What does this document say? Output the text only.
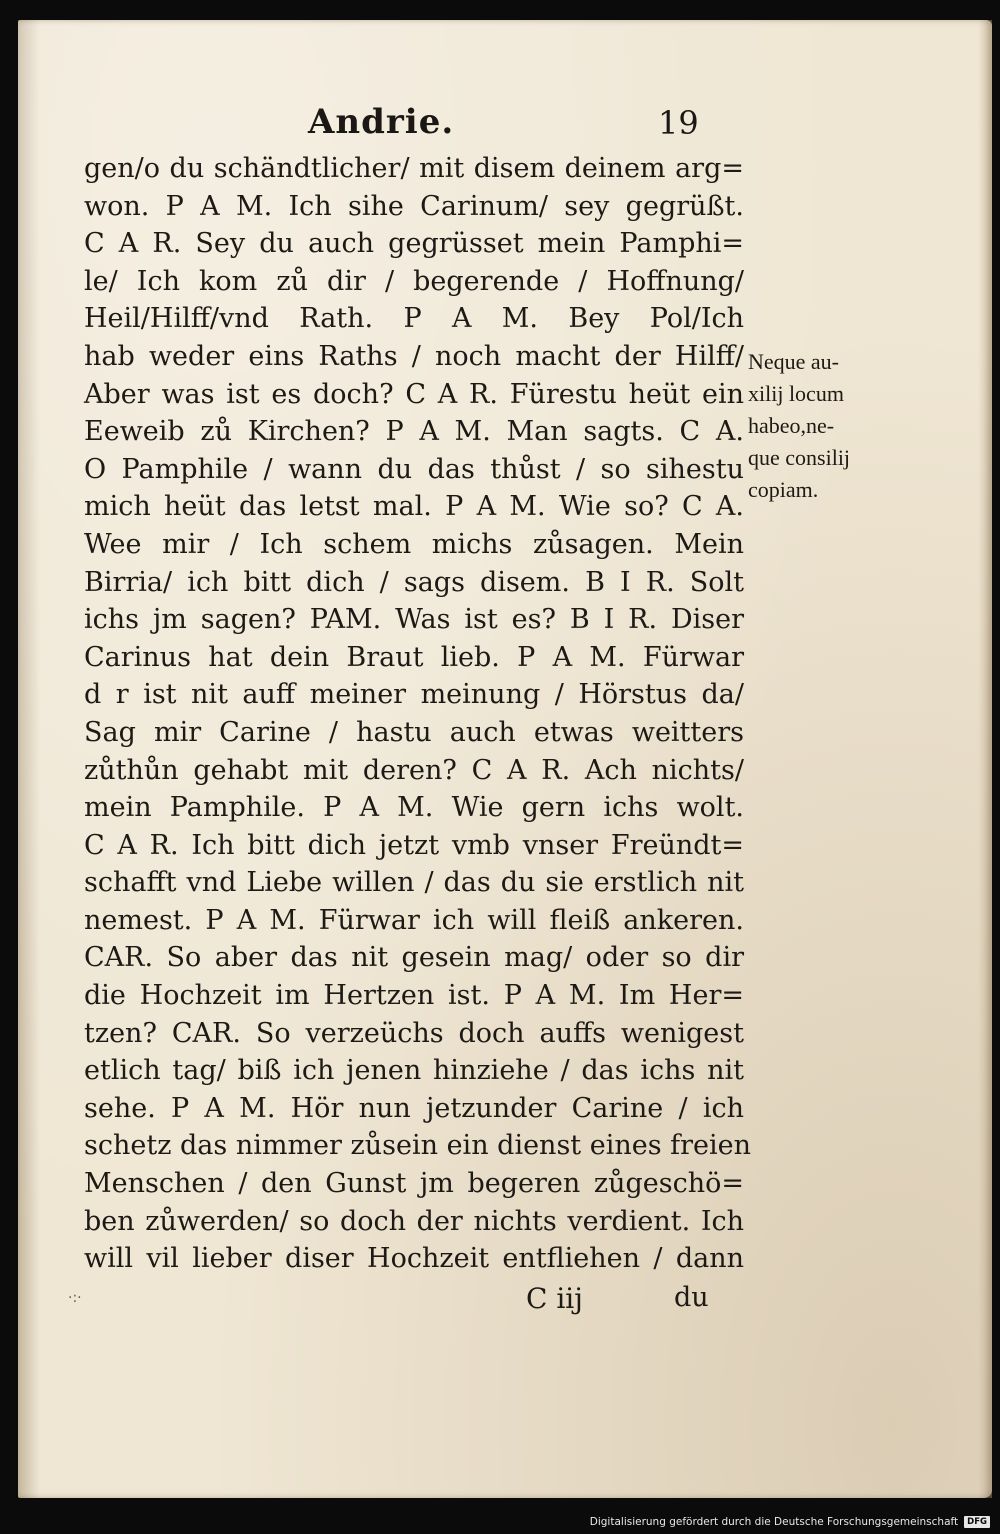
Andrie.	19
gen/o du schändtlicher/ mit disem deinem arg=
won. P A M. Ich sihe Carinum/ sey gegrüßt.
C A R. Sey du auch gegrüsset mein Pamphi=
le/ Ich kom zů dir / begerende / Hoffnung/
Heil/Hilff/vnd Rath. P A M. Bey Pol/Ich
hab weder eins Raths / noch macht der Hilff/
Aber was ist es doch? C A R. Fürestu heüt ein
Eeweib zů Kirchen? P A M. Man sagts. C A.
O Pamphile / wann du das thůst / so sihestu
mich heüt das letst mal. P A M. Wie so? C A.
Wee mir / Ich schem michs zůsagen. Mein
Birria/ ich bitt dich / sags disem. B I R. Solt
ichs jm sagen? PAM. Was ist es? B I R. Diser
Carinus hat dein Braut lieb. P A M. Fürwar
d r ist nit auff meiner meinung / Hörstus da/
Sag mir Carine / hastu auch etwas weitters
zůthůn gehabt mit deren? C A R. Ach nichts/
mein Pamphile. P A M. Wie gern ichs wolt.
C A R. Ich bitt dich jetzt vmb vnser Freündt=
schafft vnd Liebe willen / das du sie erstlich nit
nemest. P A M. Fürwar ich will fleiß ankeren.
CAR. So aber das nit gesein mag/ oder so dir
die Hochzeit im Hertzen ist. P A M. Im Her=
tzen? CAR. So verzeüchs doch auffs wenigest
etlich tag/ biß ich jenen hinziehe / das ichs nit
sehe. P A M. Hör nun jetzunder Carine / ich
schetz das nimmer zůsein ein dienst eines freien
Menschen / den Gunst jm begeren zůgeschö=
ben zůwerden/ so doch der nichts verdient. Ich
will vil lieber diser Hochzeit entfliehen / dann
Neque au-
xilij locum
habeo,ne-
que consilij
copiam.
·:·	C iij	du
Digitalisierung gefördert durch die Deutsche Forschungsgemeinschaft	DFG
